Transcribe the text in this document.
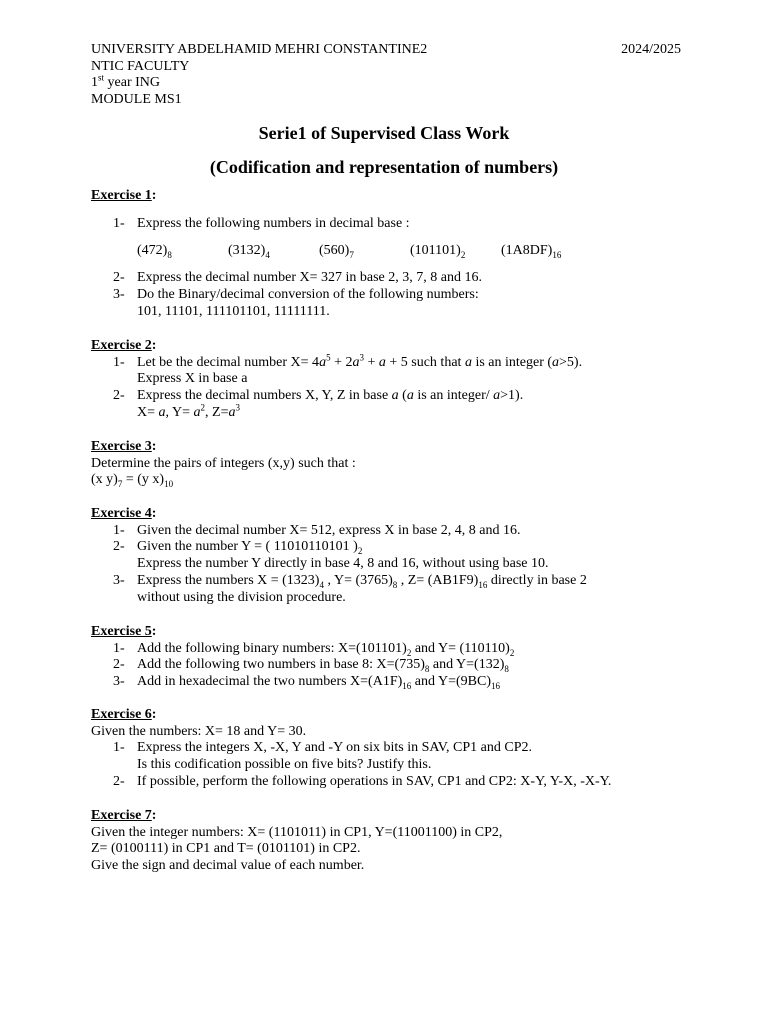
UNIVERSITY ABDELHAMID MEHRI CONSTANTINE2	2024/2025
NTIC FACULTY
1st year ING
MODULE MS1
Serie1 of Supervised Class Work
(Codification and representation of numbers)
Exercise 1:
1- Express the following numbers in decimal base :
$(472)_8$	$(3132)_4$	$(560)_7$	$(101101)_2$	$(1A8DF)_{16}$
2- Express the decimal number X= 327 in base 2, 3, 7, 8 and 16.
3- Do the Binary/decimal conversion of the following numbers:
101, 11101, 111101101, 11111111.
Exercise 2:
1- Let be the decimal number $X= 4a^5 + 2a^3 + a + 5$ such that a is an integer (a>5).
Express X in base a
2- Express the decimal numbers X, Y, Z in base a (a is an integer/ a>1).
X= a, $Y= a^2$, $Z=a^3$
Exercise 3:
Determine the pairs of integers (x,y) such that :
(x $y)_7 = (y$ $x)_{10}$
Exercise 4:
1- Given the decimal number X= 512, express X in base 2, 4, 8 and 16.
2- Given the number Y = ( 11010110101 )$_2$
Express the number Y directly in base 4, 8 and 16, without using base 10.
3- Express the numbers $X = (1323)_4$ , $Y= (3765)_8$ , $Z= (AB1F9)_{16}$ directly in base 2
without using the division procedure.
Exercise 5:
1- Add the following binary numbers: $X=(101101)_2$ and $Y= (110110)_2$
2- Add the following two numbers in base 8: $X=(735)_8$ and $Y=(132)_8$
3- Add in hexadecimal the two numbers $X=(A1F)_{16}$ and $Y=(9BC)_{16}$
Exercise 6:
Given the numbers: X= 18 and Y= 30.
1- Express the integers X, -X, Y and -Y on six bits in SAV, CP1 and CP2.
Is this codification possible on five bits? Justify this.
2- If possible, perform the following operations in SAV, CP1 and CP2: X-Y, Y-X, -X-Y.
Exercise 7:
Given the integer numbers: X= (1101011) in CP1, Y=(11001100) in CP2,
Z= (0100111) in CP1 and T= (0101101) in CP2.
Give the sign and decimal value of each number.
